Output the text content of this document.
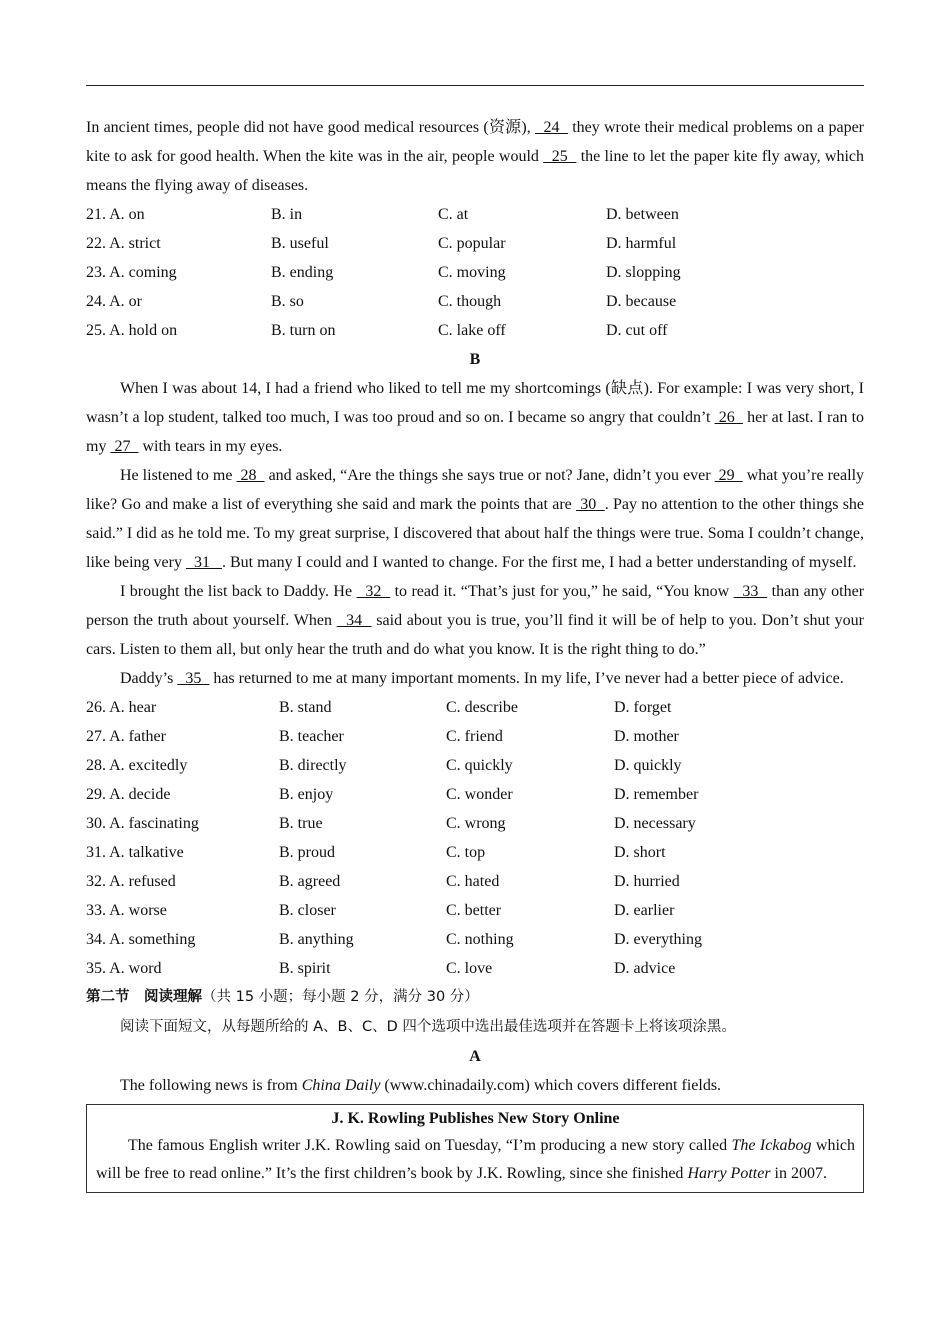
In ancient times, people did not have good medical resources (资源),   24   they wrote their medical problems on a paper kite to ask for good health. When the kite was in the air, people would   25   the line to let the paper kite fly away, which means the flying away of diseases.

21. A. on	B. in	C. at	D. between
22. A. strict	B. useful	C. popular	D. harmful
23. A. coming	B. ending	C. moving	D. slopping
24. A. or	B. so	C. though	D. because
25. A. hold on	B. turn on	C. lake off	D. cut off
B

When I was about 14, I had a friend who liked to tell me my shortcomings (缺点). For example: I was very short, I wasn’t a lop student, talked too much, I was too proud and so on. I became so angry that couldn’t  26   her at last. I ran to my  27   with tears in my eyes.

He listened to me  28   and asked, “Are the things she says true or not? Jane, didn’t you ever  29   what you’re really like? Go and make a list of everything she said and mark the points that are  30  . Pay no attention to the other things she said.” I did as he told me. To my great surprise, I discovered that about half the things were true. Soma I couldn’t change, like being very   31   . But many I could and I wanted to change. For the first me, I had a better understanding of myself.

I brought the list back to Daddy. He   32   to read it. “That’s just for you,” he said, “You know   33   than any other person the truth about yourself. When   34   said about you is true, you’ll find it will be of help to you. Don’t shut your cars. Listen to them all, but only hear the truth and do what you know. It is the right thing to do.”

Daddy’s   35   has returned to me at many important moments. In my life, I’ve never had a better piece of advice.

26. A. hear	B. stand	C. describe	D. forget
27. A. father	B. teacher	C. friend	D. mother
28. A. excitedly	B. directly	C. quickly	D. quickly
29. A. decide	B. enjoy	C. wonder	D. remember
30. A. fascinating	B. true	C. wrong	D. necessary
31. A. talkative	B. proud	C. top	D. short
32. A. refused	B. agreed	C. hated	D. hurried
33. A. worse	B. closer	C. better	D. earlier
34. A. something	B. anything	C. nothing	D. everything
35. A. word	B. spirit	C. love	D. advice
第二节　阅读理解（共 15 小题；每小题 2 分，满分 30 分）
阅读下面短文，从每题所给的 A、B、C、D 四个选项中选出最佳选项并在答题卡上将该项涂黑。
A

The following news is from China Daily (www.chinadaily.com) which covers different fields.

J. K. Rowling Publishes New Story Online

The famous English writer J.K. Rowling said on Tuesday, “I’m producing a new story called The Ickabog which will be free to read online.” It’s the first children’s book by J.K. Rowling, since she finished Harry Potter in 2007.
